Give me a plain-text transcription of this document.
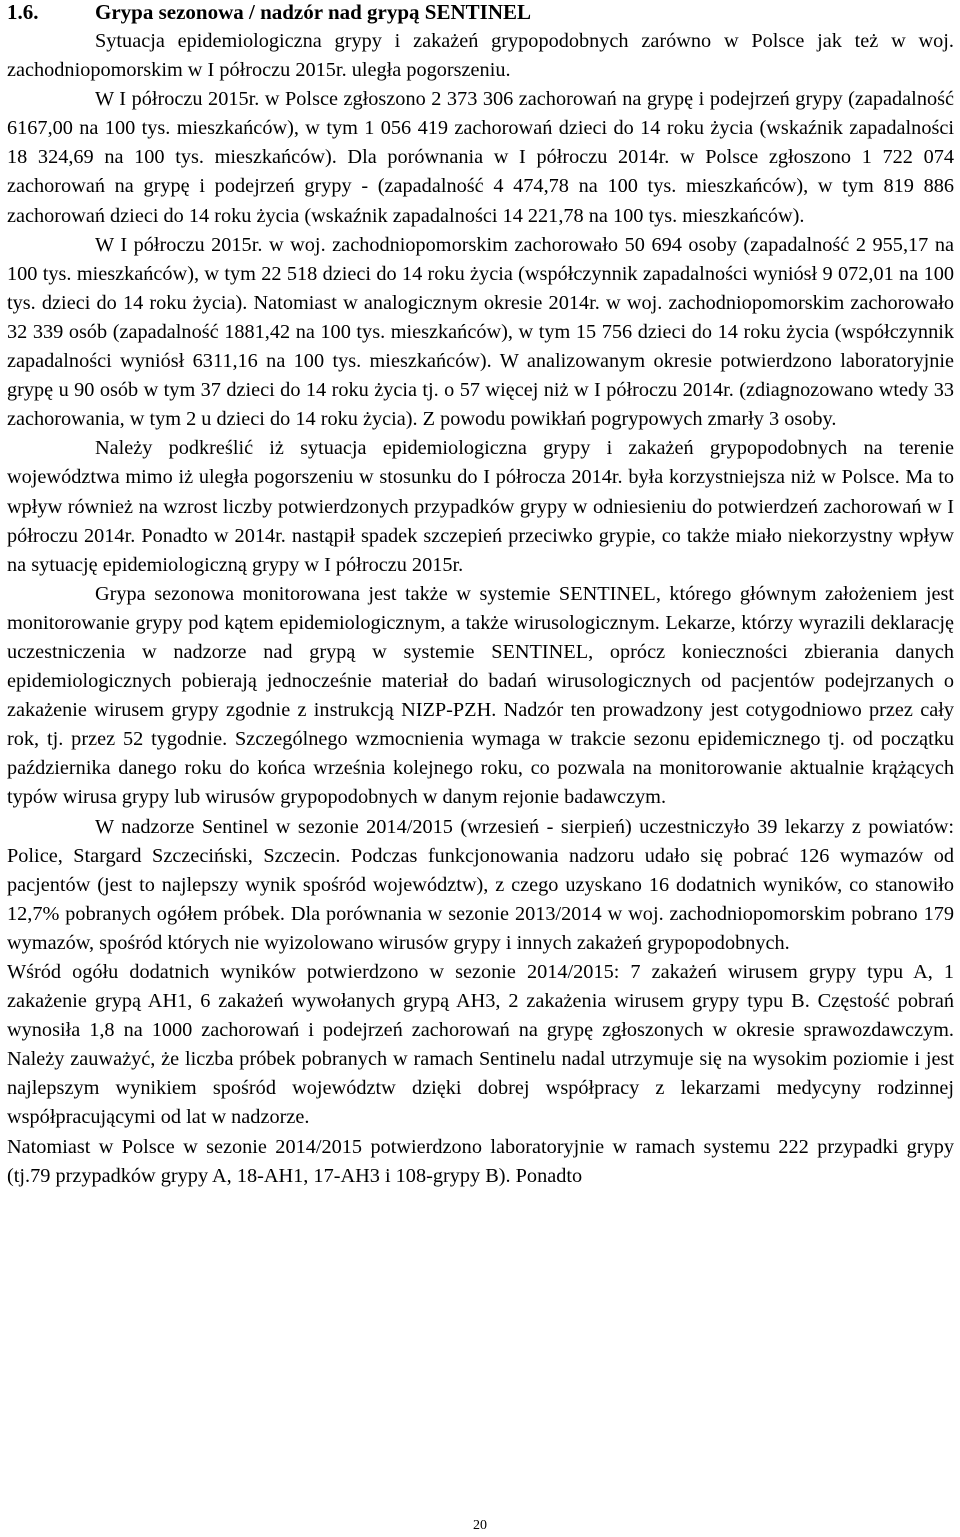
1.6.	Grypa sezonowa / nadzór nad grypą SENTINEL

Sytuacja epidemiologiczna grypy i zakażeń grypopodobnych zarówno w Polsce jak też w woj. zachodniopomorskim w I półroczu 2015r. uległa pogorszeniu.

W I półroczu 2015r. w Polsce zgłoszono 2 373 306 zachorowań na grypę i podejrzeń grypy (zapadalność 6167,00 na 100 tys. mieszkańców), w tym 1 056 419 zachorowań dzieci do 14 roku życia (wskaźnik zapadalności 18 324,69 na 100 tys. mieszkańców). Dla porównania w I półroczu 2014r. w Polsce zgłoszono 1 722 074 zachorowań na grypę i podejrzeń grypy - (zapadalność 4 474,78 na 100 tys. mieszkańców), w tym 819 886 zachorowań dzieci do 14 roku życia (wskaźnik zapadalności 14 221,78 na 100 tys. mieszkańców).

W I półroczu 2015r. w woj. zachodniopomorskim zachorowało 50 694 osoby (zapadalność 2 955,17 na 100 tys. mieszkańców), w tym 22 518 dzieci do 14 roku życia (współczynnik zapadalności wyniósł 9 072,01 na 100 tys. dzieci do 14 roku życia). Natomiast w analogicznym okresie 2014r. w woj. zachodniopomorskim zachorowało 32 339 osób (zapadalność 1881,42 na 100 tys. mieszkańców), w tym 15 756 dzieci do 14 roku życia (współczynnik zapadalności wyniósł 6311,16 na 100 tys. mieszkańców). W analizowanym okresie potwierdzono laboratoryjnie grypę u 90 osób w tym 37 dzieci do 14 roku życia tj. o 57 więcej niż w I półroczu 2014r. (zdiagnozowano wtedy 33 zachorowania, w tym 2 u dzieci do 14 roku życia). Z powodu powikłań pogrypowych zmarły 3 osoby.

Należy podkreślić iż sytuacja epidemiologiczna grypy i zakażeń grypopodobnych na terenie województwa mimo iż uległa pogorszeniu w stosunku do I półrocza 2014r. była korzystniejsza niż w Polsce. Ma to wpływ również na wzrost liczby potwierdzonych przypadków grypy w odniesieniu do potwierdzeń zachorowań w I półroczu 2014r. Ponadto w 2014r. nastąpił spadek szczepień przeciwko grypie, co także miało niekorzystny wpływ na sytuację epidemiologiczną grypy w I półroczu 2015r.

Grypa sezonowa monitorowana jest także w systemie SENTINEL, którego głównym założeniem jest monitorowanie grypy pod kątem epidemiologicznym, a także wirusologicznym. Lekarze, którzy wyrazili deklarację uczestniczenia w nadzorze nad grypą w systemie SENTINEL, oprócz konieczności zbierania danych epidemiologicznych pobierają jednocześnie materiał do badań wirusologicznych od pacjentów podejrzanych o zakażenie wirusem grypy zgodnie z instrukcją NIZP-PZH. Nadzór ten prowadzony jest cotygodniowo przez cały rok, tj. przez 52 tygodnie. Szczególnego wzmocnienia wymaga w trakcie sezonu epidemicznego tj. od początku października danego roku do końca września kolejnego roku, co pozwala na monitorowanie aktualnie krążących typów wirusa grypy lub wirusów grypopodobnych w danym rejonie badawczym.

W nadzorze Sentinel w sezonie 2014/2015 (wrzesień - sierpień) uczestniczyło 39 lekarzy z powiatów: Police, Stargard Szczeciński, Szczecin. Podczas funkcjonowania nadzoru udało się pobrać 126 wymazów od pacjentów (jest to najlepszy wynik spośród województw), z czego uzyskano 16 dodatnich wyników, co stanowiło 12,7% pobranych ogółem próbek. Dla porównania w sezonie 2013/2014 w woj. zachodniopomorskim pobrano 179 wymazów, spośród których nie wyizolowano wirusów grypy i innych zakażeń grypopodobnych.

Wśród ogółu dodatnich wyników potwierdzono w sezonie 2014/2015: 7 zakażeń wirusem grypy typu A, 1 zakażenie grypą AH1, 6 zakażeń wywołanych grypą AH3, 2 zakażenia wirusem grypy typu B. Częstość pobrań wynosiła 1,8 na 1000 zachorowań i podejrzeń zachorowań na grypę zgłoszonych w okresie sprawozdawczym. Należy zauważyć, że liczba próbek pobranych w ramach Sentinelu nadal utrzymuje się na wysokim poziomie i jest najlepszym wynikiem spośród województw dzięki dobrej współpracy z lekarzami medycyny rodzinnej współpracującymi od lat w nadzorze.

Natomiast w Polsce w sezonie 2014/2015 potwierdzono laboratoryjnie w ramach systemu 222 przypadki grypy (tj.79 przypadków grypy A, 18-AH1, 17-AH3 i 108-grypy B). Ponadto

20
